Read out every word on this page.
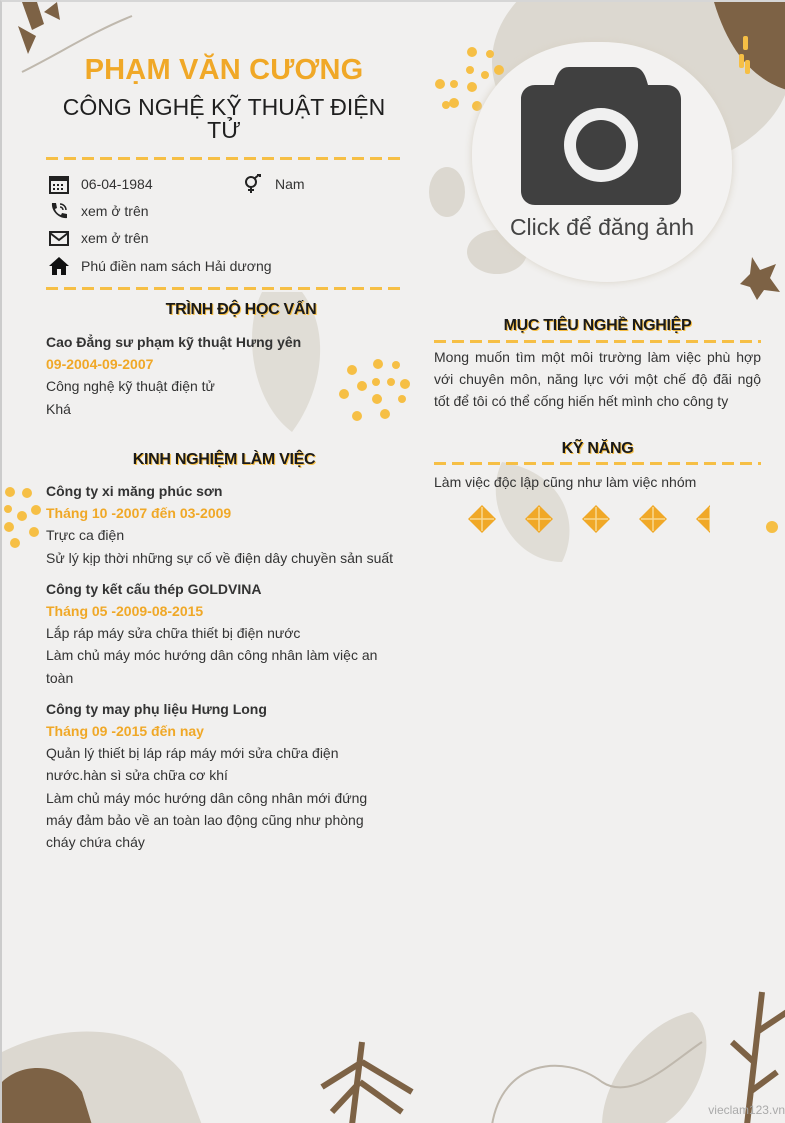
Click để đăng ảnh
PHẠM VĂN CƯƠNG
CÔNG NGHỆ KỸ THUẬT ĐIỆN TỬ
06-04-1984	Nam
xem ở trên
xem ở trên
Phú điền nam sách Hải dương
TRÌNH ĐỘ HỌC VẤN
Cao Đẳng sư phạm kỹ thuật Hưng yên
09-2004-09-2007
Công nghệ kỹ thuật điện tử
Khá
KINH NGHIỆM LÀM VIỆC
Công ty xi măng phúc sơn
Tháng 10 -2007 đến 03-2009
Trực ca điện
Sử lý kịp thời những sự cố về điện dây chuyền sản suất
Công ty kết cấu thép GOLDVINA
Tháng 05 -2009-08-2015
Lắp ráp máy sửa chữa thiết bị điện nước
Làm chủ máy móc hướng dân công nhân làm việc an toàn
Công ty may phụ liệu Hưng Long
Tháng 09 -2015 đến nay
Quản lý thiết bị láp ráp máy mới sửa chữa điện nước.hàn sì sửa chữa cơ khí
Làm chủ máy móc hướng dân công nhân mới đứng máy đảm bảo về an toàn lao động cũng như phòng cháy chứa cháy
MỤC TIÊU NGHỀ NGHIỆP
Mong muốn tìm một môi trường làm việc phù hợp với chuyên môn, năng lực với một chế độ đãi ngộ tốt để tôi có thể cống hiến hết mình cho công ty
KỸ NĂNG
Làm việc độc lập cũng như làm việc nhóm
vieclam123.vn
